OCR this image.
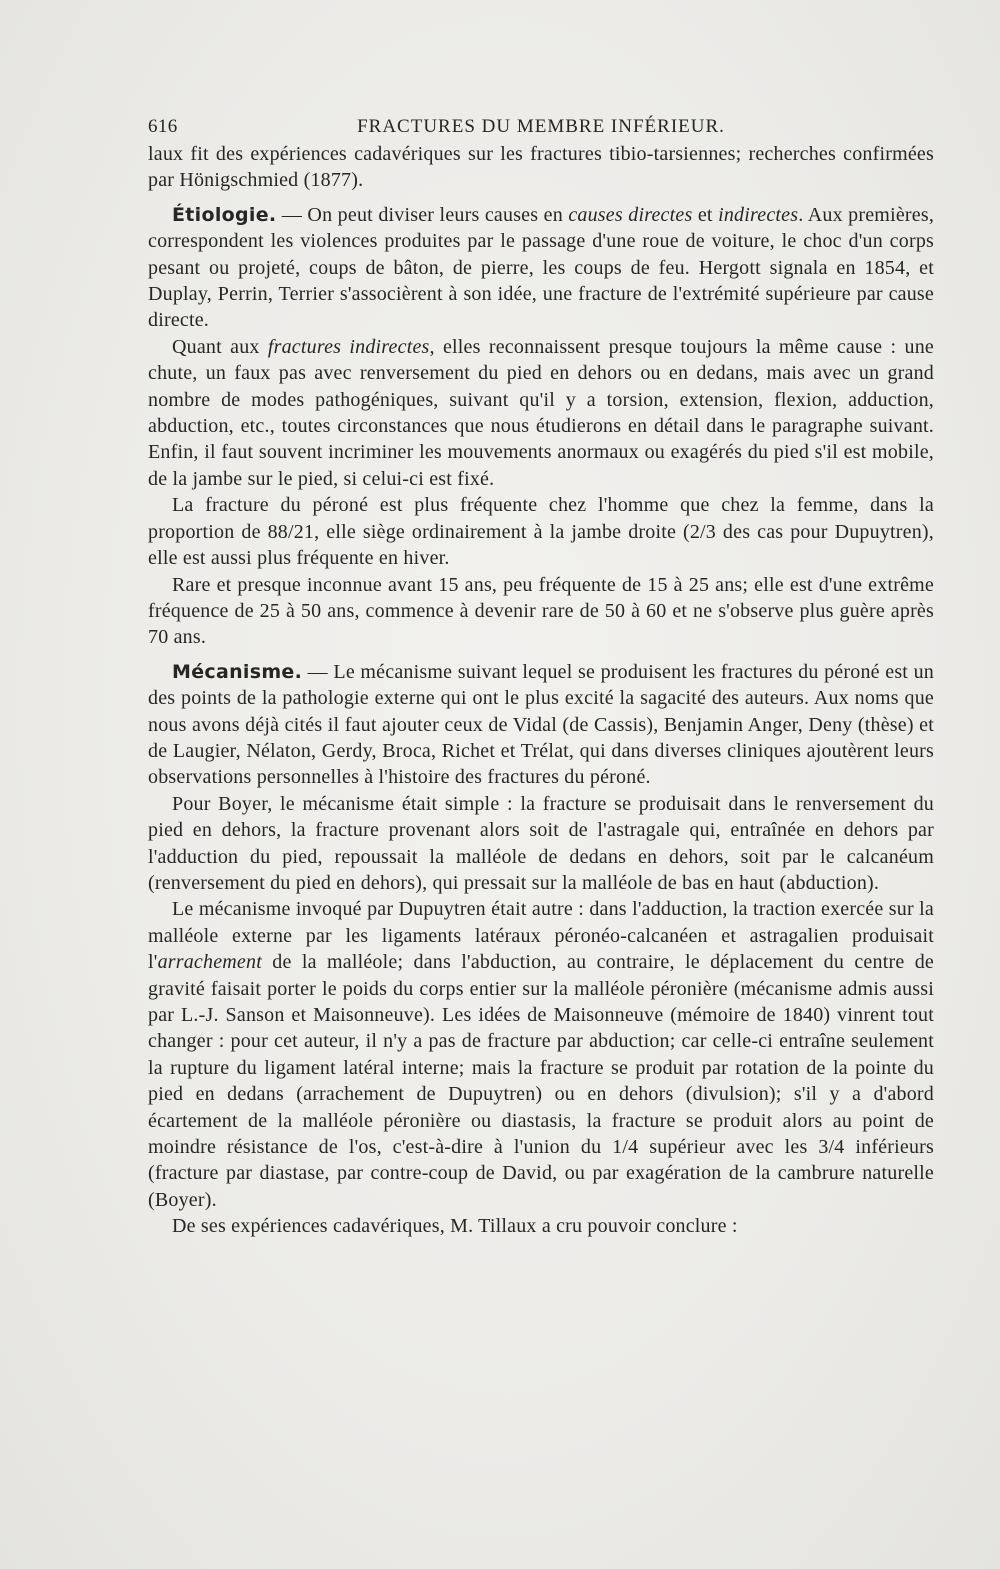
616	FRACTURES DU MEMBRE INFÉRIEUR.

laux fit des expériences cadavériques sur les fractures tibio-tarsiennes; recherches confirmées par Hönigschmied (1877).

Étiologie. — On peut diviser leurs causes en causes directes et indirectes. Aux premières, correspondent les violences produites par le passage d'une roue de voiture, le choc d'un corps pesant ou projeté, coups de bâton, de pierre, les coups de feu. Hergott signala en 1854, et Duplay, Perrin, Terrier s'associèrent à son idée, une fracture de l'extrémité supérieure par cause directe.

Quant aux fractures indirectes, elles reconnaissent presque toujours la même cause : une chute, un faux pas avec renversement du pied en dehors ou en dedans, mais avec un grand nombre de modes pathogéniques, suivant qu'il y a torsion, extension, flexion, adduction, abduction, etc., toutes circonstances que nous étudierons en détail dans le paragraphe suivant. Enfin, il faut souvent incriminer les mouvements anormaux ou exagérés du pied s'il est mobile, de la jambe sur le pied, si celui-ci est fixé.

La fracture du péroné est plus fréquente chez l'homme que chez la femme, dans la proportion de 88/21, elle siège ordinairement à la jambe droite (2/3 des cas pour Dupuytren), elle est aussi plus fréquente en hiver.

Rare et presque inconnue avant 15 ans, peu fréquente de 15 à 25 ans; elle est d'une extrême fréquence de 25 à 50 ans, commence à devenir rare de 50 à 60 et ne s'observe plus guère après 70 ans.

Mécanisme. — Le mécanisme suivant lequel se produisent les fractures du péroné est un des points de la pathologie externe qui ont le plus excité la sagacité des auteurs. Aux noms que nous avons déjà cités il faut ajouter ceux de Vidal (de Cassis), Benjamin Anger, Deny (thèse) et de Laugier, Nélaton, Gerdy, Broca, Richet et Trélat, qui dans diverses cliniques ajoutèrent leurs observations personnelles à l'histoire des fractures du péroné.

Pour Boyer, le mécanisme était simple : la fracture se produisait dans le renversement du pied en dehors, la fracture provenant alors soit de l'astragale qui, entraînée en dehors par l'adduction du pied, repoussait la malléole de dedans en dehors, soit par le calcanéum (renversement du pied en dehors), qui pressait sur la malléole de bas en haut (abduction).

Le mécanisme invoqué par Dupuytren était autre : dans l'adduction, la traction exercée sur la malléole externe par les ligaments latéraux péronéo-calcanéen et astragalien produisait l'arrachement de la malléole; dans l'abduction, au contraire, le déplacement du centre de gravité faisait porter le poids du corps entier sur la malléole péronière (mécanisme admis aussi par L.-J. Sanson et Maisonneuve). Les idées de Maisonneuve (mémoire de 1840) vinrent tout changer : pour cet auteur, il n'y a pas de fracture par abduction; car celle-ci entraîne seulement la rupture du ligament latéral interne; mais la fracture se produit par rotation de la pointe du pied en dedans (arrachement de Dupuytren) ou en dehors (divulsion); s'il y a d'abord écartement de la malléole péronière ou diastasis, la fracture se produit alors au point de moindre résistance de l'os, c'est-à-dire à l'union du 1/4 supérieur avec les 3/4 inférieurs (fracture par diastase, par contre-coup de David, ou par exagération de la cambrure naturelle (Boyer).

De ses expériences cadavériques, M. Tillaux a cru pouvoir conclure :
